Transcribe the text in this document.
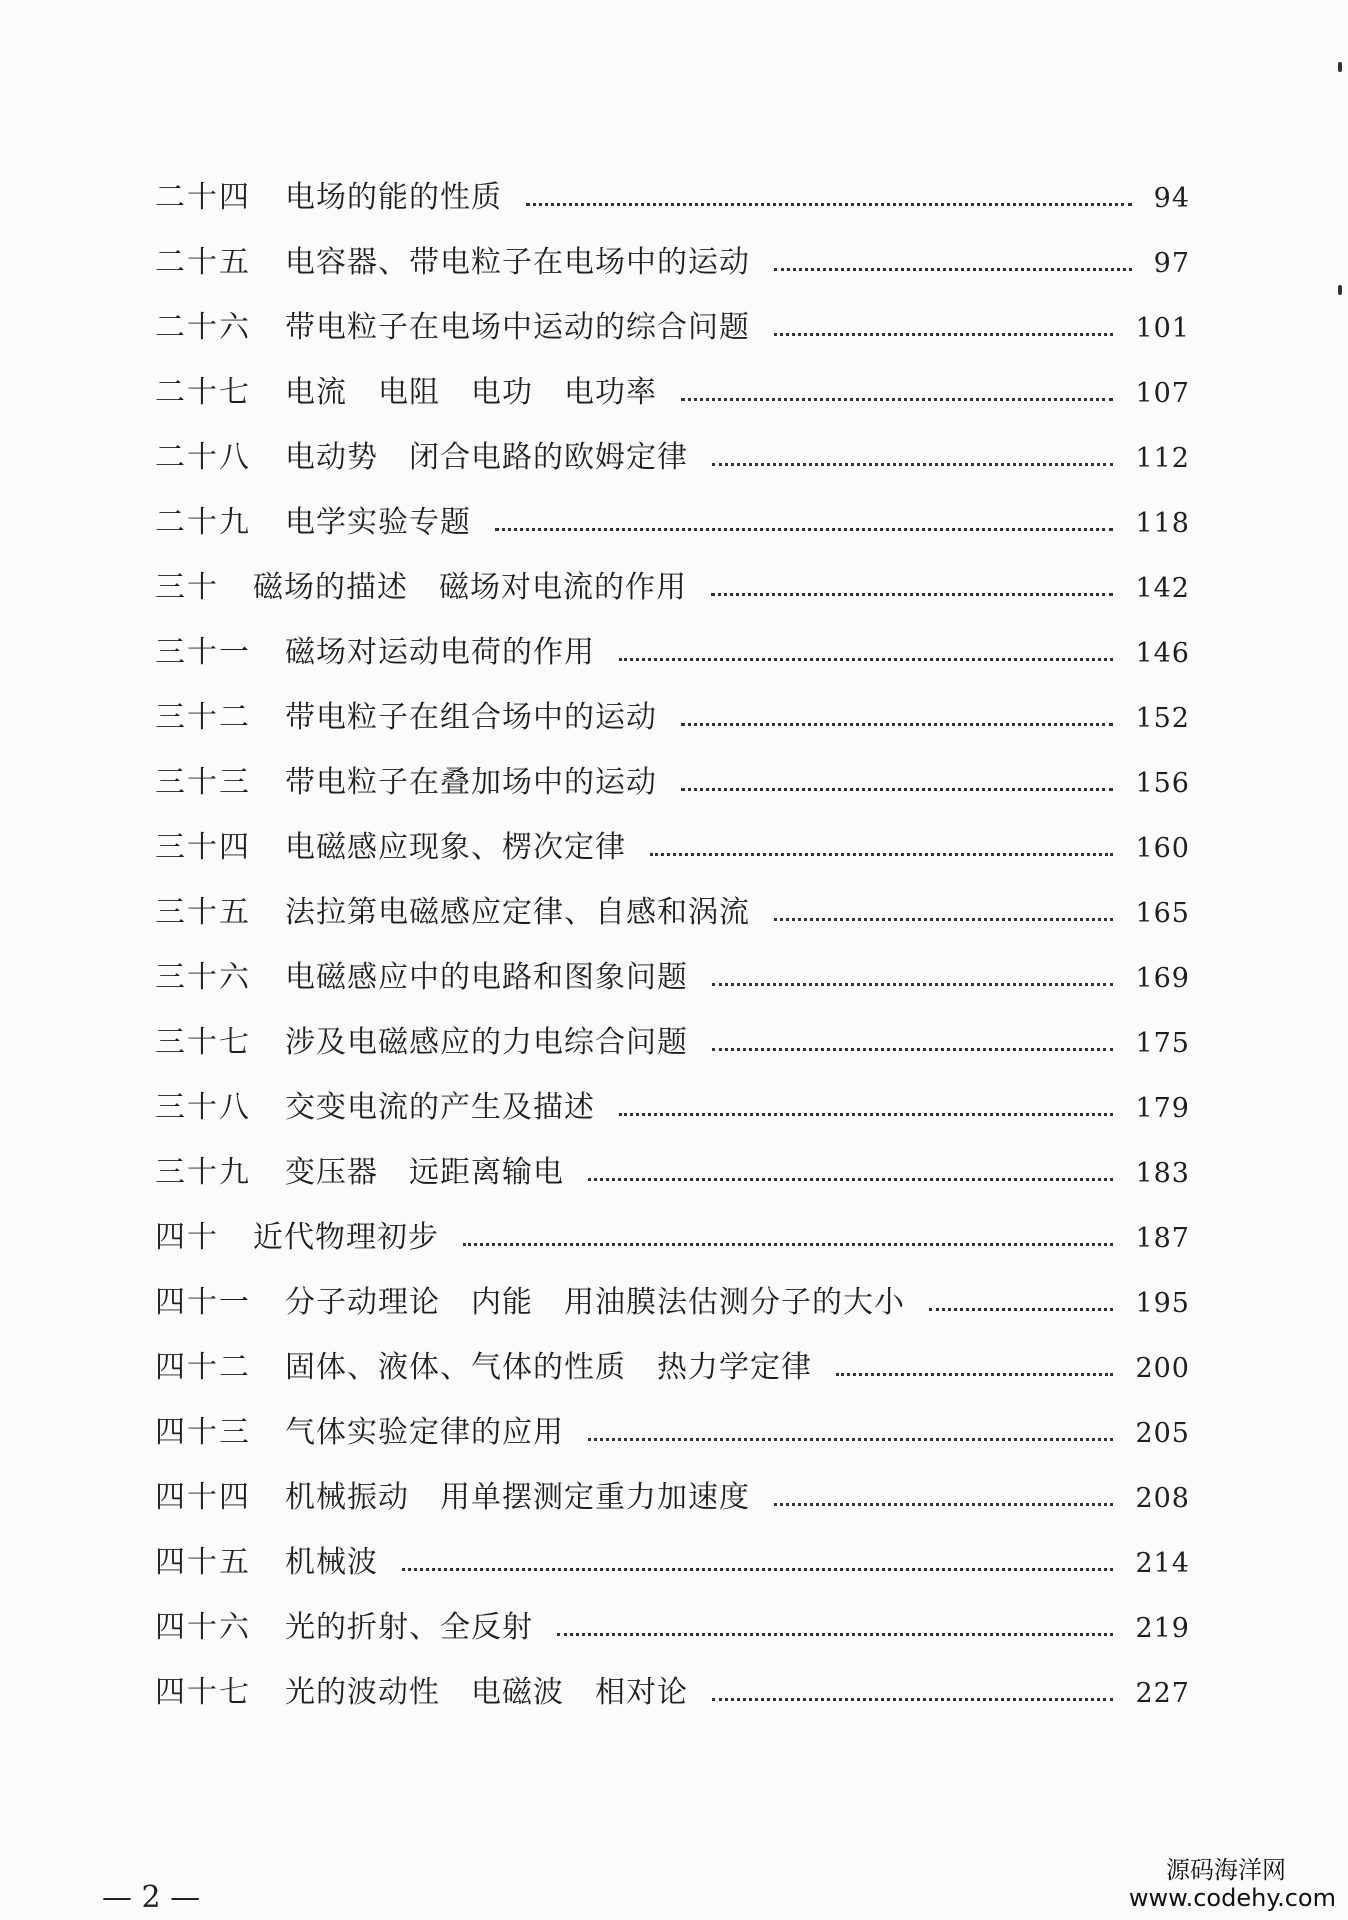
二十四 电场的能的性质	94
二十五 电容器、带电粒子在电场中的运动	97
二十六 带电粒子在电场中运动的综合问题	101
二十七 电流　电阻　电功　电功率	107
二十八 电动势　闭合电路的欧姆定律	112
二十九 电学实验专题	118
三十 磁场的描述　磁场对电流的作用	142
三十一 磁场对运动电荷的作用	146
三十二 带电粒子在组合场中的运动	152
三十三 带电粒子在叠加场中的运动	156
三十四 电磁感应现象、楞次定律	160
三十五 法拉第电磁感应定律、自感和涡流	165
三十六 电磁感应中的电路和图象问题	169
三十七 涉及电磁感应的力电综合问题	175
三十八 交变电流的产生及描述	179
三十九 变压器　远距离输电	183
四十 近代物理初步	187
四十一 分子动理论　内能　用油膜法估测分子的大小	195
四十二 固体、液体、气体的性质　热力学定律	200
四十三 气体实验定律的应用	205
四十四 机械振动　用单摆测定重力加速度	208
四十五 机械波	214
四十六 光的折射、全反射	219
四十七 光的波动性　电磁波　相对论	227
— 2 —
源码海洋网
www.codehy.com
